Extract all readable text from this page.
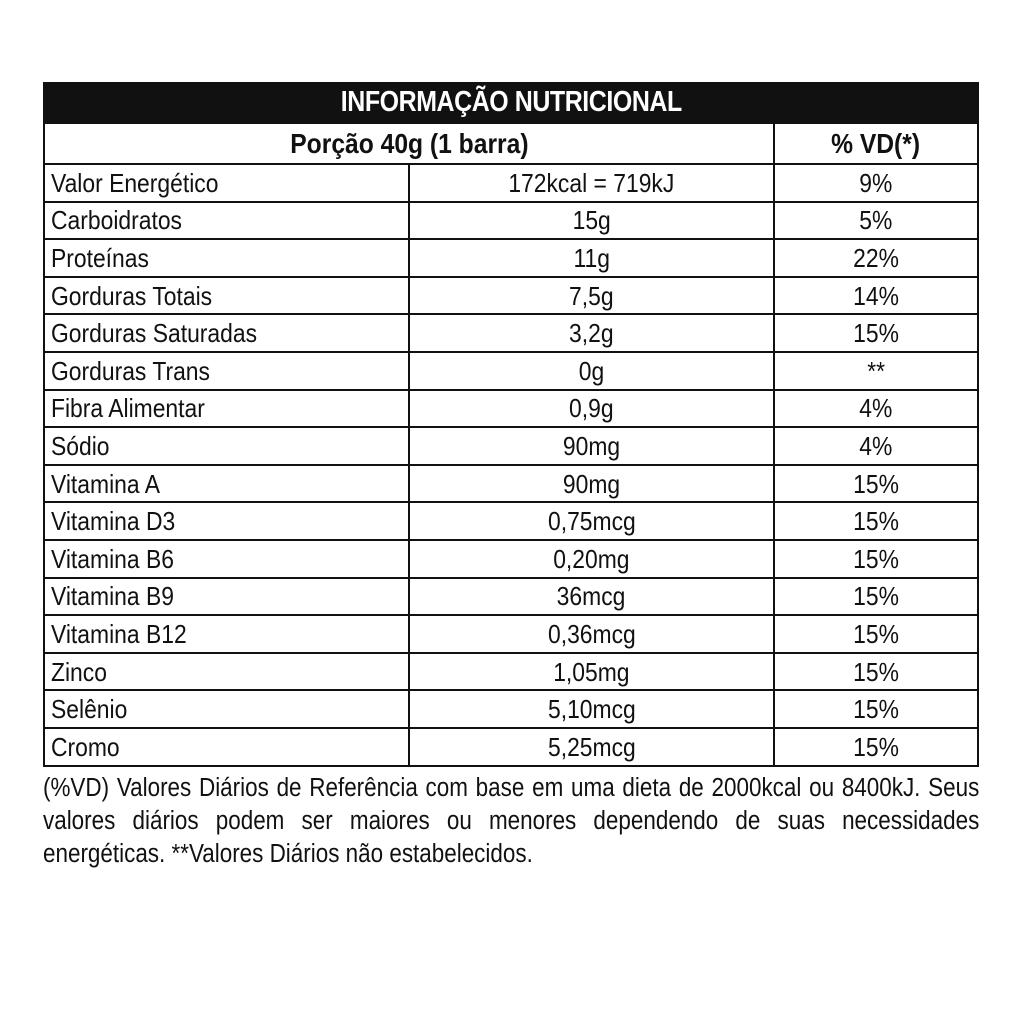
INFORMAÇÃO NUTRICIONAL
Porção 40g (1 barra)		% VD(*)
Valor Energético	172kcal = 719kJ	9%
Carboidratos	15g	5%
Proteínas	11g	22%
Gorduras Totais	7,5g	14%
Gorduras Saturadas	3,2g	15%
Gorduras Trans	0g	**
Fibra Alimentar	0,9g	4%
Sódio	90mg	4%
Vitamina A	90mg	15%
Vitamina D3	0,75mcg	15%
Vitamina B6	0,20mg	15%
Vitamina B9	36mcg	15%
Vitamina B12	0,36mcg	15%
Zinco	1,05mg	15%
Selênio	5,10mcg	15%
Cromo	5,25mcg	15%
(%VD) Valores Diários de Referência com base em uma dieta de 2000kcal ou 8400kJ. Seus valores diários podem ser maiores ou menores dependendo de suas necessidades energéticas. **Valores Diários não estabelecidos.
